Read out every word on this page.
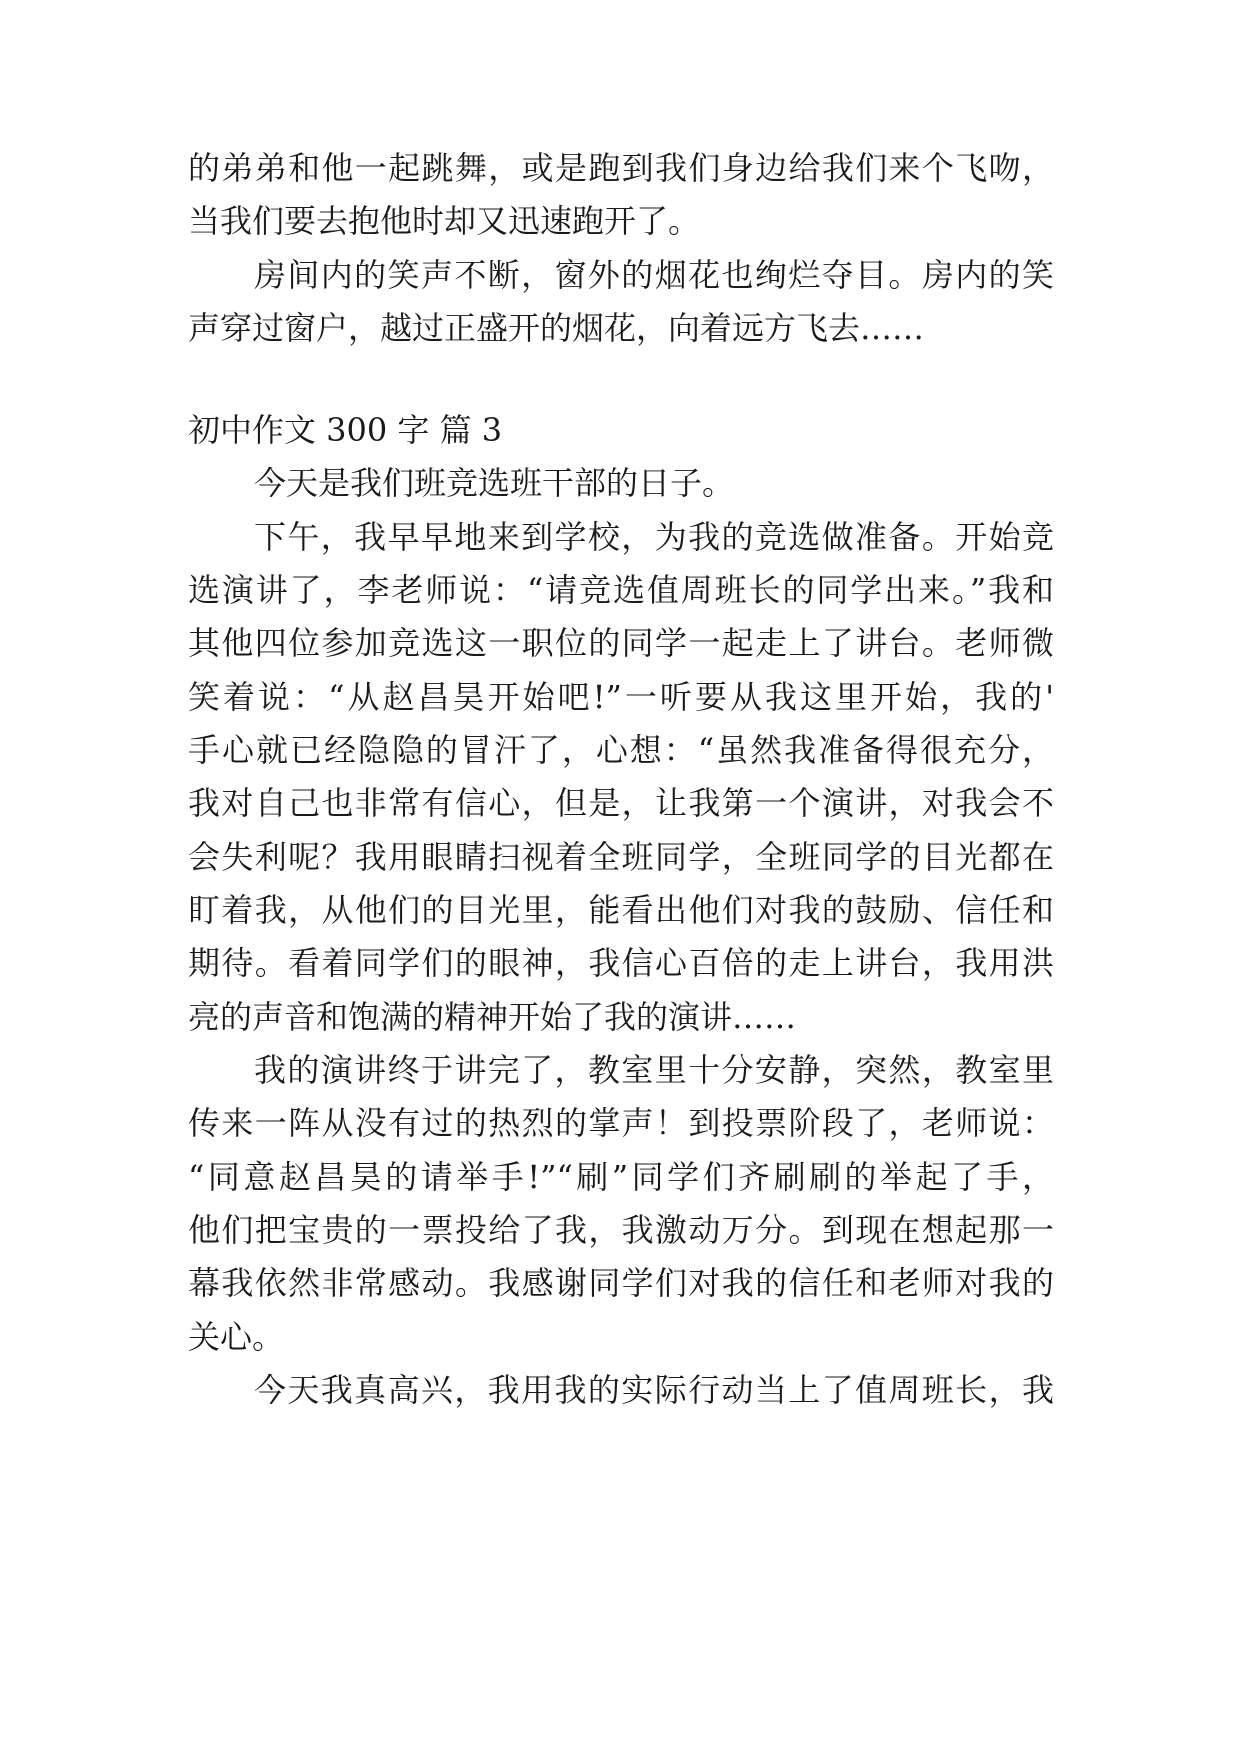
的弟弟和他一起跳舞，或是跑到我们身边给我们来个飞吻，
当我们要去抱他时却又迅速跑开了。
房间内的笑声不断，窗外的烟花也绚烂夺目。房内的笑
声穿过窗户，越过正盛开的烟花，向着远方飞去……
初中作文 300 字 篇 3
今天是我们班竞选班干部的日子。
下午，我早早地来到学校，为我的竞选做准备。开始竞
选演讲了，李老师说：“请竞选值周班长的同学出来。”我和
其他四位参加竞选这一职位的同学一起走上了讲台。老师微
笑着说：“从赵昌昊开始吧!”一听要从我这里开始，我的'
手心就已经隐隐的冒汗了，心想：“虽然我准备得很充分，
我对自己也非常有信心，但是，让我第一个演讲，对我会不
会失利呢？我用眼睛扫视着全班同学，全班同学的目光都在
盯着我，从他们的目光里，能看出他们对我的鼓励、信任和
期待。看着同学们的眼神，我信心百倍的走上讲台，我用洪
亮的声音和饱满的精神开始了我的演讲……
我的演讲终于讲完了，教室里十分安静，突然，教室里
传来一阵从没有过的热烈的掌声！到投票阶段了，老师说：
“同意赵昌昊的请举手!”“刷”同学们齐刷刷的举起了手，
他们把宝贵的一票投给了我，我激动万分。到现在想起那一
幕我依然非常感动。我感谢同学们对我的信任和老师对我的
关心。
今天我真高兴，我用我的实际行动当上了值周班长，我
